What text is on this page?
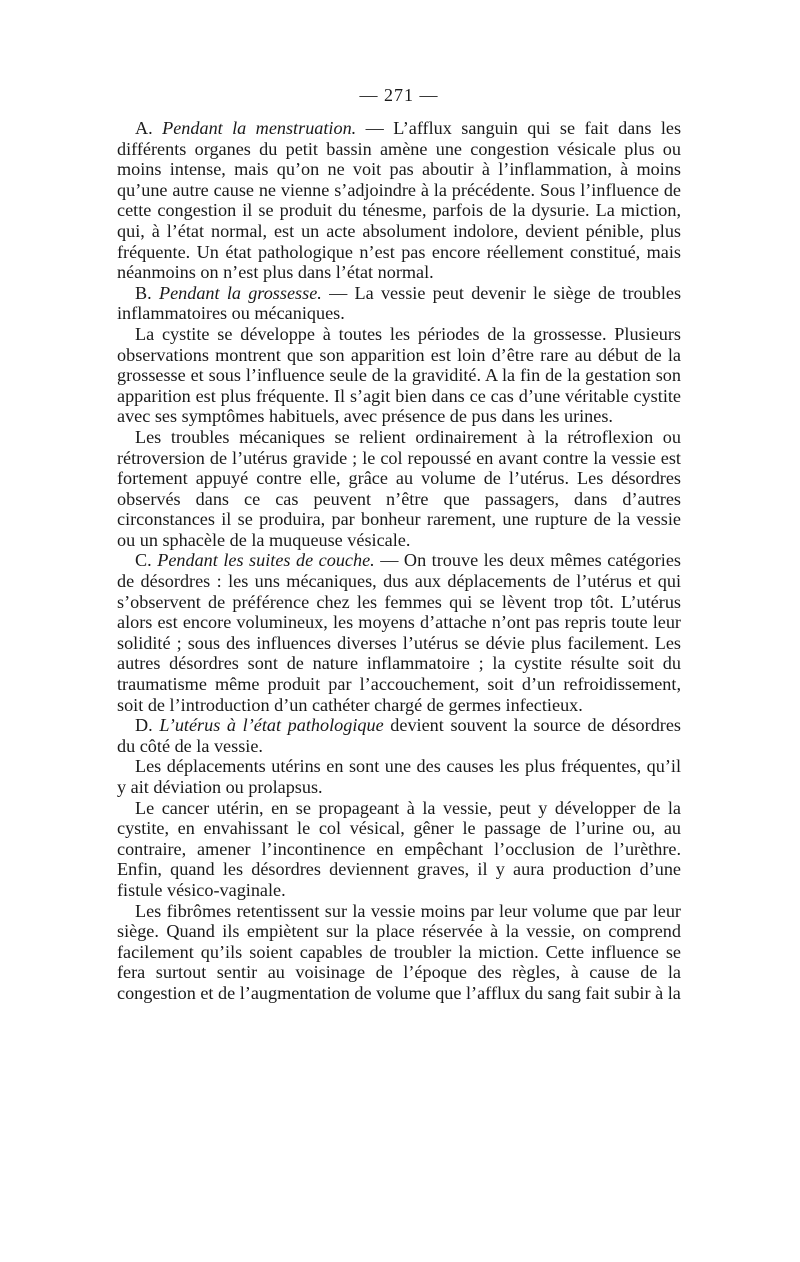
— 271 —

A. Pendant la menstruation. — L’afflux sanguin qui se fait dans les différents organes du petit bassin amène une congestion vésicale plus ou moins intense, mais qu’on ne voit pas aboutir à l’inflammation, à moins qu’une autre cause ne vienne s’adjoindre à la précédente. Sous l’influence de cette congestion il se produit du ténesme, parfois de la dysurie. La miction, qui, à l’état normal, est un acte absolument indolore, devient pénible, plus fréquente. Un état pathologique n’est pas encore réellement constitué, mais néanmoins on n’est plus dans l’état normal.

B. Pendant la grossesse. — La vessie peut devenir le siège de troubles inflammatoires ou mécaniques.

La cystite se développe à toutes les périodes de la grossesse. Plusieurs observations montrent que son apparition est loin d’être rare au début de la grossesse et sous l’influence seule de la gravidité. A la fin de la gestation son apparition est plus fréquente. Il s’agit bien dans ce cas d’une véritable cystite avec ses symptômes habituels, avec présence de pus dans les urines.

Les troubles mécaniques se relient ordinairement à la rétroflexion ou rétroversion de l’utérus gravide ; le col repoussé en avant contre la vessie est fortement appuyé contre elle, grâce au volume de l’utérus. Les désordres observés dans ce cas peuvent n’être que passagers, dans d’autres circonstances il se produira, par bonheur rarement, une rupture de la vessie ou un sphacèle de la muqueuse vésicale.

C. Pendant les suites de couche. — On trouve les deux mêmes catégories de désordres : les uns mécaniques, dus aux déplacements de l’utérus et qui s’observent de préférence chez les femmes qui se lèvent trop tôt. L’utérus alors est encore volumineux, les moyens d’attache n’ont pas repris toute leur solidité ; sous des influences diverses l’utérus se dévie plus facilement. Les autres désordres sont de nature inflammatoire ; la cystite résulte soit du traumatisme même produit par l’accouchement, soit d’un refroidissement, soit de l’introduction d’un cathéter chargé de germes infectieux.

D. L’utérus à l’état pathologique devient souvent la source de désordres du côté de la vessie.

Les déplacements utérins en sont une des causes les plus fréquentes, qu’il y ait déviation ou prolapsus.

Le cancer utérin, en se propageant à la vessie, peut y développer de la cystite, en envahissant le col vésical, gêner le passage de l’urine ou, au contraire, amener l’incontinence en empêchant l’occlusion de l’urèthre. Enfin, quand les désordres deviennent graves, il y aura production d’une fistule vésico-vaginale.

Les fibrômes retentissent sur la vessie moins par leur volume que par leur siège. Quand ils empiètent sur la place réservée à la vessie, on comprend facilement qu’ils soient capables de troubler la miction. Cette influence se fera surtout sentir au voisinage de l’époque des règles, à cause de la congestion et de l’augmentation de volume que l’afflux du sang fait subir à la
